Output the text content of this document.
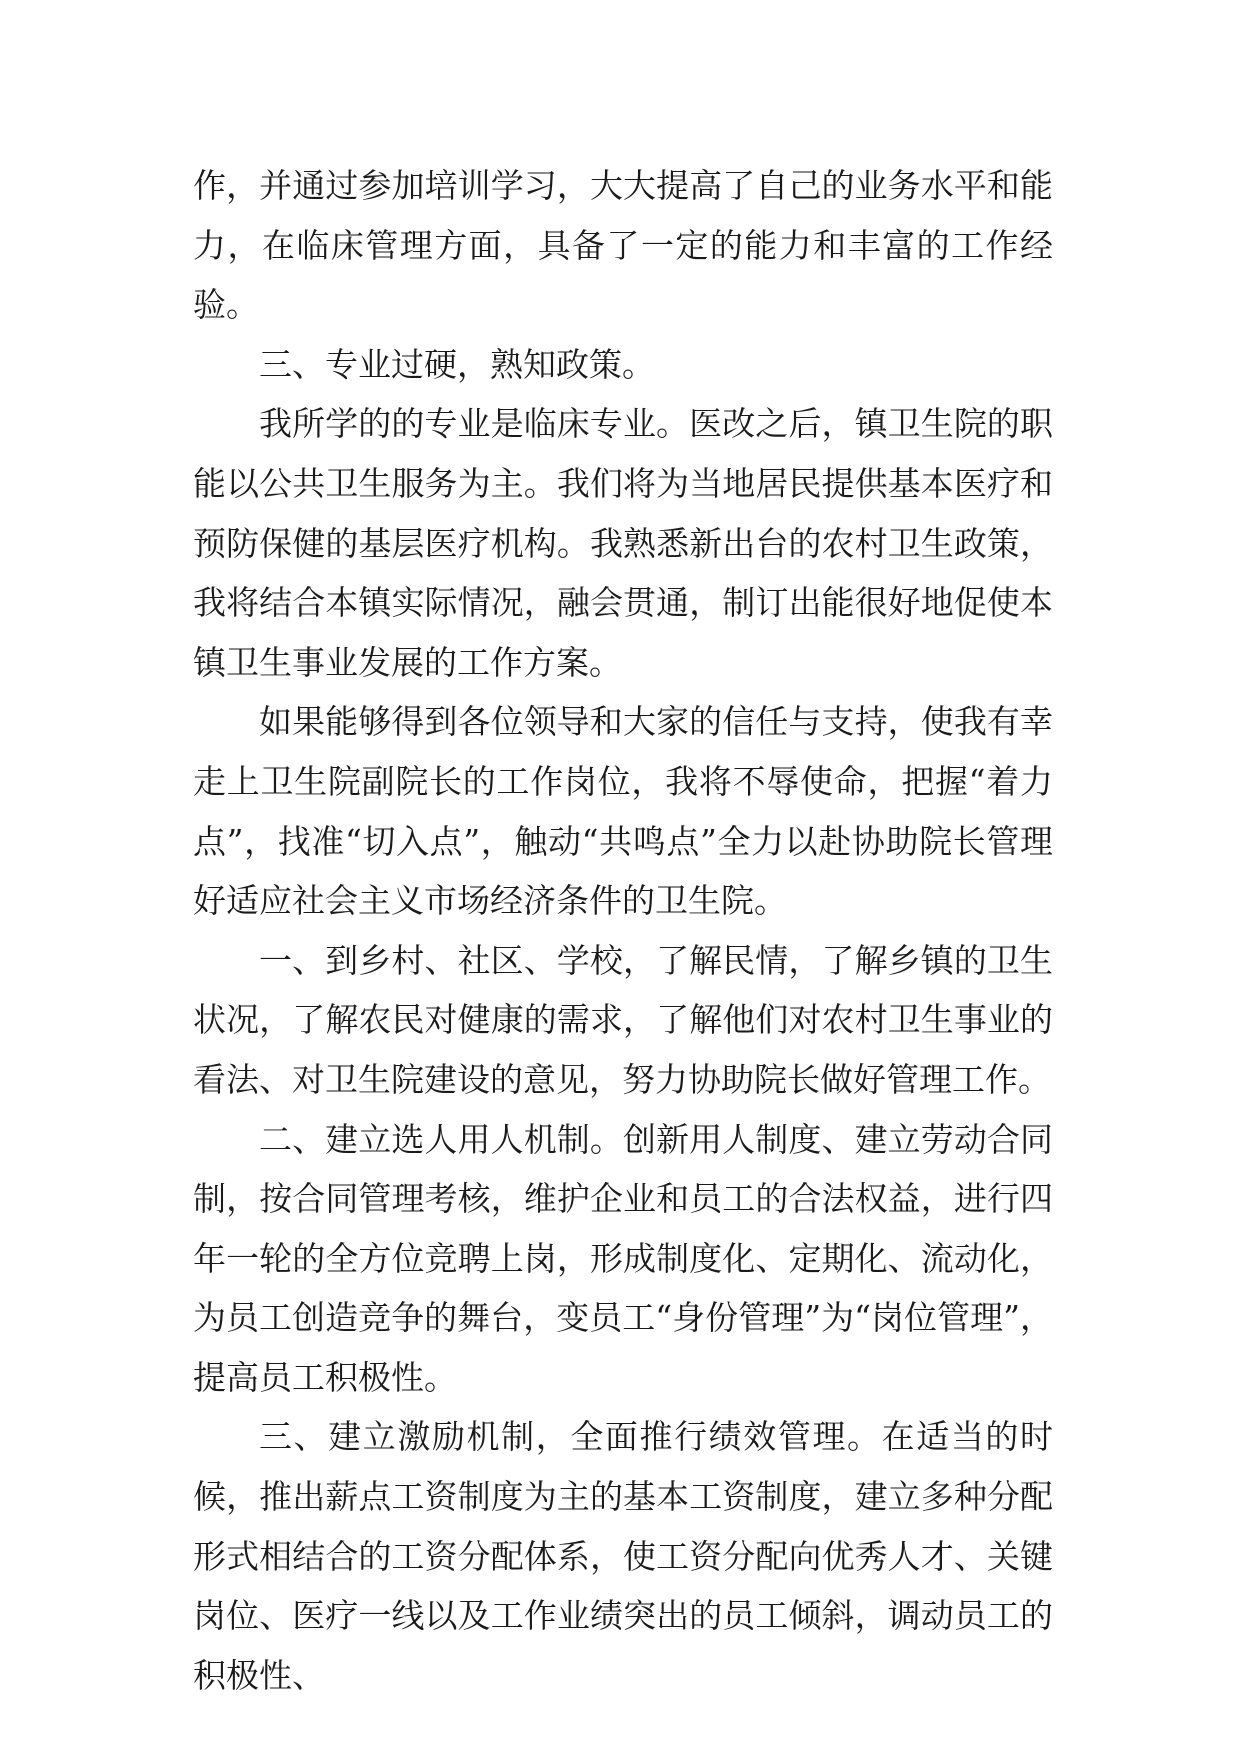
作，并通过参加培训学习，大大提高了自己的业务水平和能力，在临床管理方面，具备了一定的能力和丰富的工作经验。

三、专业过硬，熟知政策。

我所学的的专业是临床专业。医改之后，镇卫生院的职能以公共卫生服务为主。我们将为当地居民提供基本医疗和预防保健的基层医疗机构。我熟悉新出台的农村卫生政策，我将结合本镇实际情况，融会贯通，制订出能很好地促使本镇卫生事业发展的工作方案。

如果能够得到各位领导和大家的信任与支持，使我有幸走上卫生院副院长的工作岗位，我将不辱使命，把握“着力点”，找准“切入点”，触动“共鸣点”全力以赴协助院长管理好适应社会主义市场经济条件的卫生院。

一、到乡村、社区、学校，了解民情，了解乡镇的卫生状况，了解农民对健康的需求，了解他们对农村卫生事业的看法、对卫生院建设的意见，努力协助院长做好管理工作。

二、建立选人用人机制。创新用人制度、建立劳动合同制，按合同管理考核，维护企业和员工的合法权益，进行四年一轮的全方位竞聘上岗，形成制度化、定期化、流动化，为员工创造竞争的舞台，变员工“身份管理”为“岗位管理”，提高员工积极性。

三、建立激励机制，全面推行绩效管理。在适当的时候，推出薪点工资制度为主的基本工资制度，建立多种分配形式相结合的工资分配体系，使工资分配向优秀人才、关键岗位、医疗一线以及工作业绩突出的员工倾斜，调动员工的积极性、
